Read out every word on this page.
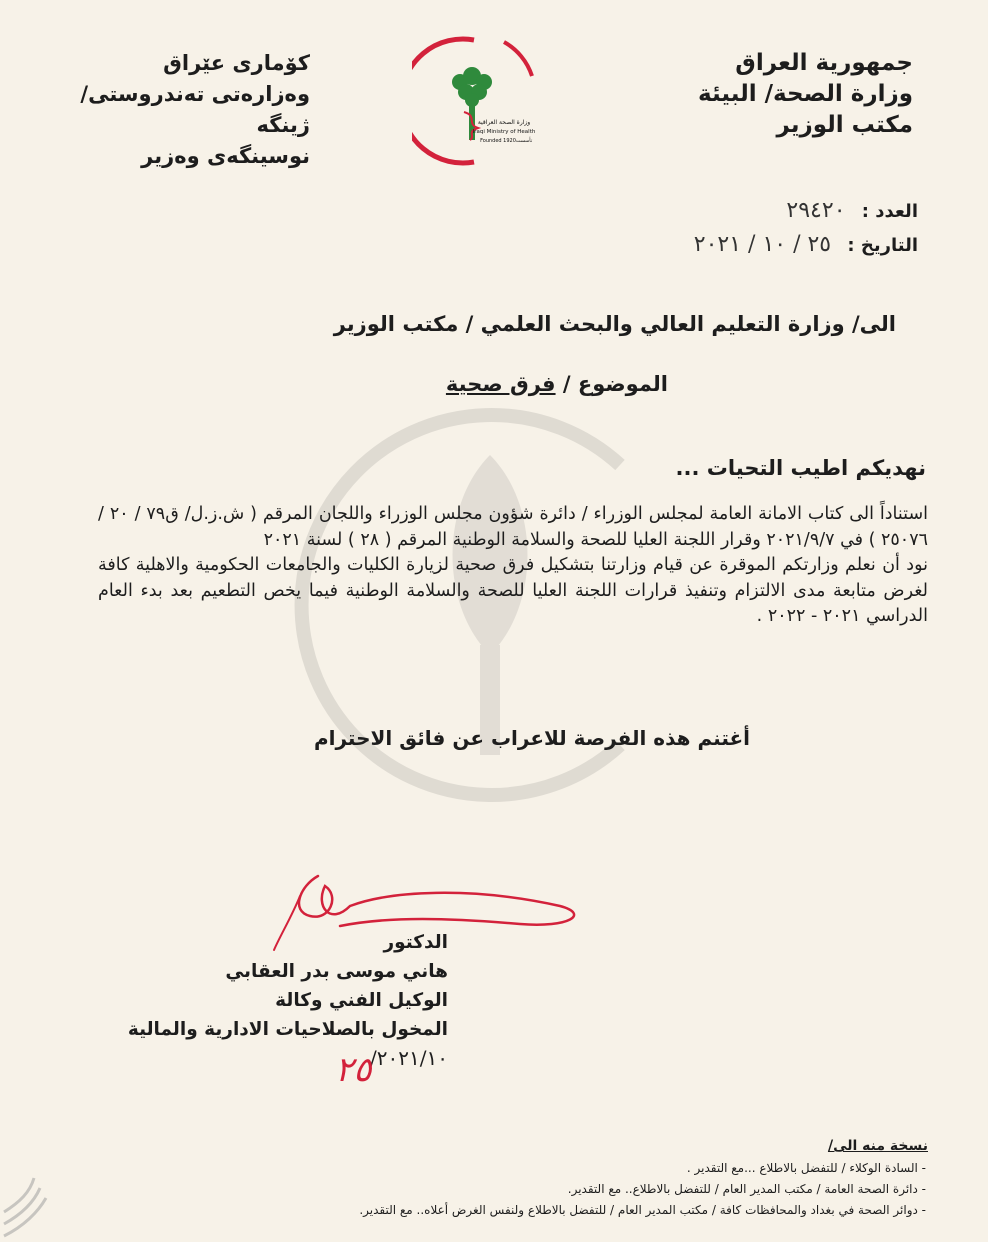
جمهورية العراق
وزارة الصحة/ البيئة
مكتب الوزير
کۆماری عێراق
وەزارەتی تەندروستی/ ژینگە
نوسینگەی وەزیر
وزارة الصحة العراقية
Iraqi Ministry of Health
Founded 1920 تأسست
العدد : ٢٩٤٢٠
التاريخ : ٢٥ / ١٠ / ٢٠٢١
الى/ وزارة التعليم العالي والبحث العلمي / مكتب الوزير
الموضوع / فرق صحية
نهديكم اطيب التحيات ...

استناداً الى كتاب الامانة العامة لمجلس الوزراء / دائرة شؤون مجلس الوزراء واللجان المرقم ( ش.ز.ل/ ق٧٩ / ٢٠ / ٢٥٠٧٦ ) في ٢٠٢١/٩/٧ وقرار اللجنة العليا للصحة والسلامة الوطنية المرقم ( ٢٨ ) لسنة ٢٠٢١

نود أن نعلم وزارتكم الموقرة عن قيام وزارتنا بتشكيل فرق صحية لزيارة الكليات والجامعات الحكومية والاهلية كافة لغرض متابعة مدى الالتزام وتنفيذ قرارات اللجنة العليا للصحة والسلامة الوطنية فيما يخص التطعيم بعد بدء العام الدراسي ٢٠٢١ - ٢٠٢٢ .

أغتنم هذه الفرصة للاعراب عن فائق الاحترام
الدكتور
هاني موسى بدر العقابي
الوكيل الفني وكالة
المخول بالصلاحيات الادارية والمالية
٢٠٢١/١٠/
٢٥
نسخة منه الى/
- السادة الوكلاء / للتفضل بالاطلاع ...مع التقدير .
- دائرة الصحة العامة / مكتب المدير العام / للتفضل بالاطلاع.. مع التقدير.
- دوائر الصحة في بغداد والمحافظات كافة / مكتب المدير العام / للتفضل بالاطلاع ولنفس الغرض أعلاه.. مع التقدير.
